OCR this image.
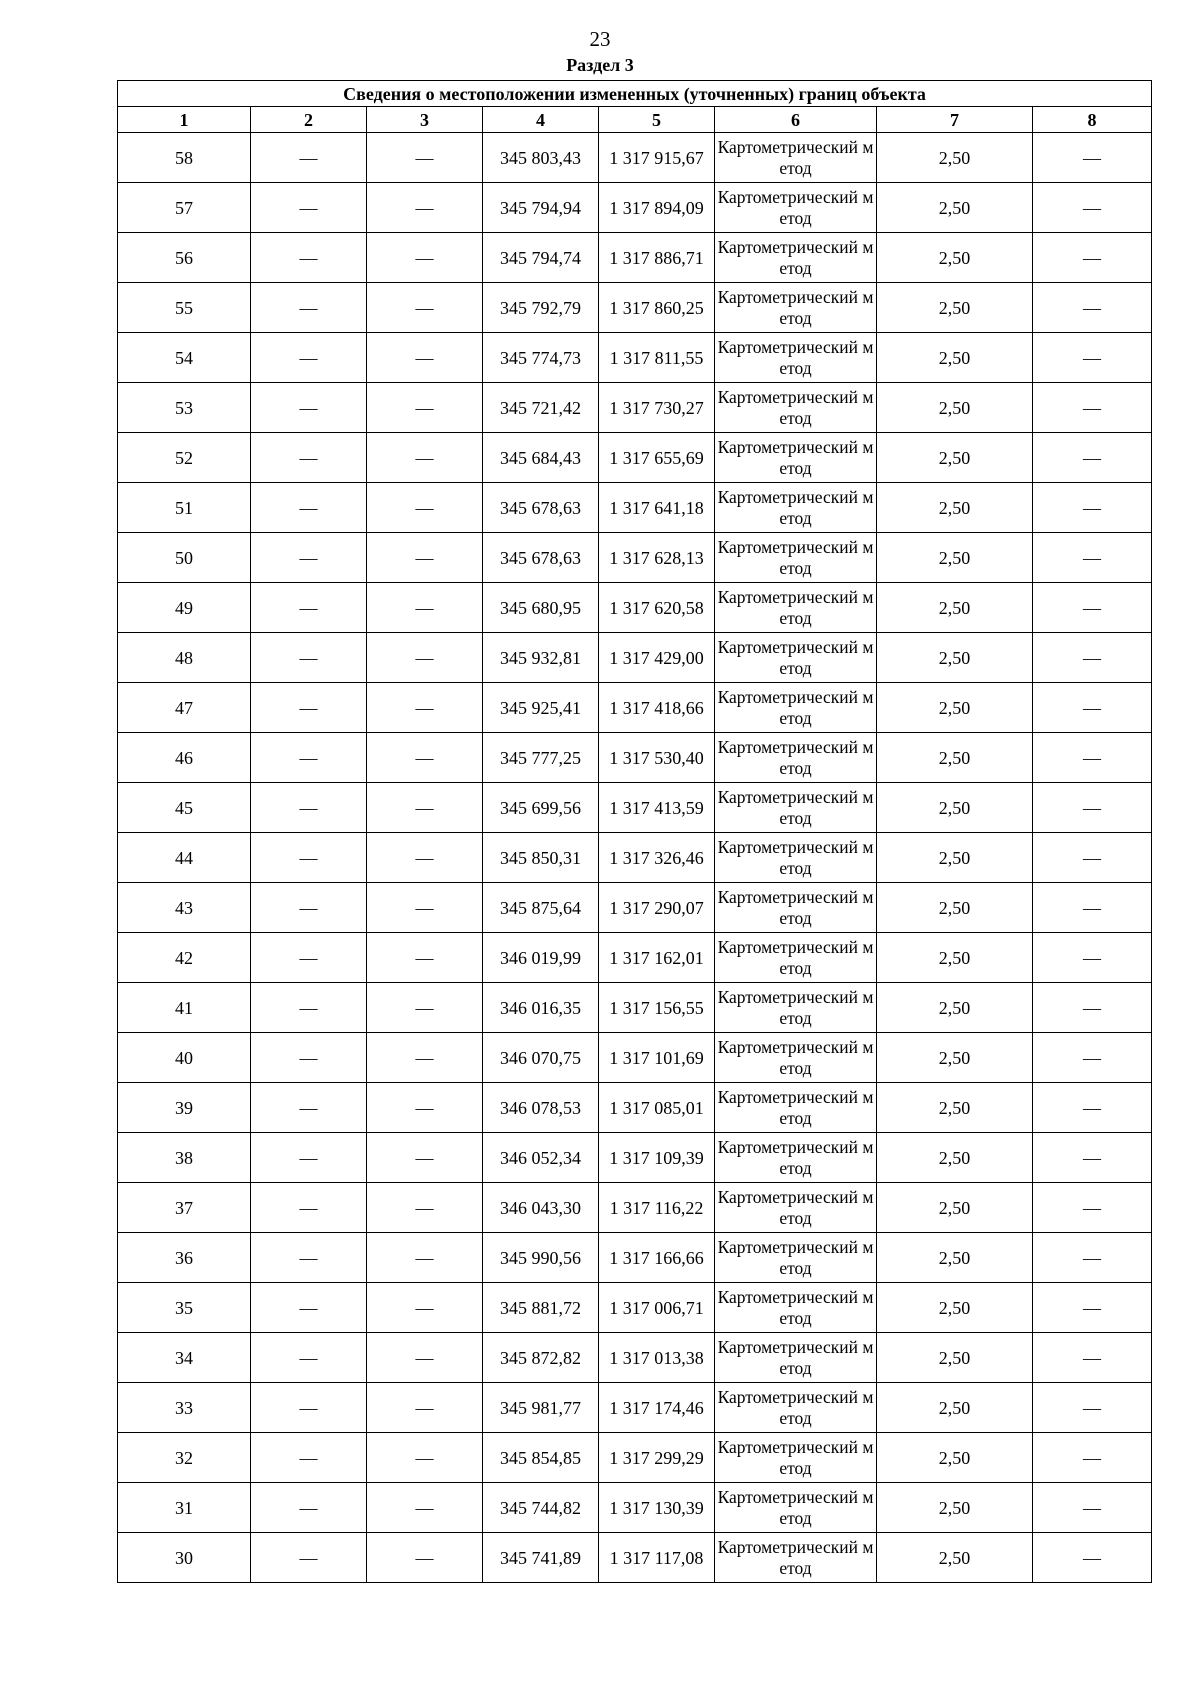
23
Раздел 3
Сведения о местоположении измененных (уточненных) границ объекта							
1	2	3	4	5	6	7	8
58	—	—	345 803,43	1 317 915,67	Картометрический метод	2,50	—
57	—	—	345 794,94	1 317 894,09	Картометрический метод	2,50	—
56	—	—	345 794,74	1 317 886,71	Картометрический метод	2,50	—
55	—	—	345 792,79	1 317 860,25	Картометрический метод	2,50	—
54	—	—	345 774,73	1 317 811,55	Картометрический метод	2,50	—
53	—	—	345 721,42	1 317 730,27	Картометрический метод	2,50	—
52	—	—	345 684,43	1 317 655,69	Картометрический метод	2,50	—
51	—	—	345 678,63	1 317 641,18	Картометрический метод	2,50	—
50	—	—	345 678,63	1 317 628,13	Картометрический метод	2,50	—
49	—	—	345 680,95	1 317 620,58	Картометрический метод	2,50	—
48	—	—	345 932,81	1 317 429,00	Картометрический метод	2,50	—
47	—	—	345 925,41	1 317 418,66	Картометрический метод	2,50	—
46	—	—	345 777,25	1 317 530,40	Картометрический метод	2,50	—
45	—	—	345 699,56	1 317 413,59	Картометрический метод	2,50	—
44	—	—	345 850,31	1 317 326,46	Картометрический метод	2,50	—
43	—	—	345 875,64	1 317 290,07	Картометрический метод	2,50	—
42	—	—	346 019,99	1 317 162,01	Картометрический метод	2,50	—
41	—	—	346 016,35	1 317 156,55	Картометрический метод	2,50	—
40	—	—	346 070,75	1 317 101,69	Картометрический метод	2,50	—
39	—	—	346 078,53	1 317 085,01	Картометрический метод	2,50	—
38	—	—	346 052,34	1 317 109,39	Картометрический метод	2,50	—
37	—	—	346 043,30	1 317 116,22	Картометрический метод	2,50	—
36	—	—	345 990,56	1 317 166,66	Картометрический метод	2,50	—
35	—	—	345 881,72	1 317 006,71	Картометрический метод	2,50	—
34	—	—	345 872,82	1 317 013,38	Картометрический метод	2,50	—
33	—	—	345 981,77	1 317 174,46	Картометрический метод	2,50	—
32	—	—	345 854,85	1 317 299,29	Картометрический метод	2,50	—
31	—	—	345 744,82	1 317 130,39	Картометрический метод	2,50	—
30	—	—	345 741,89	1 317 117,08	Картометрический метод	2,50	—
